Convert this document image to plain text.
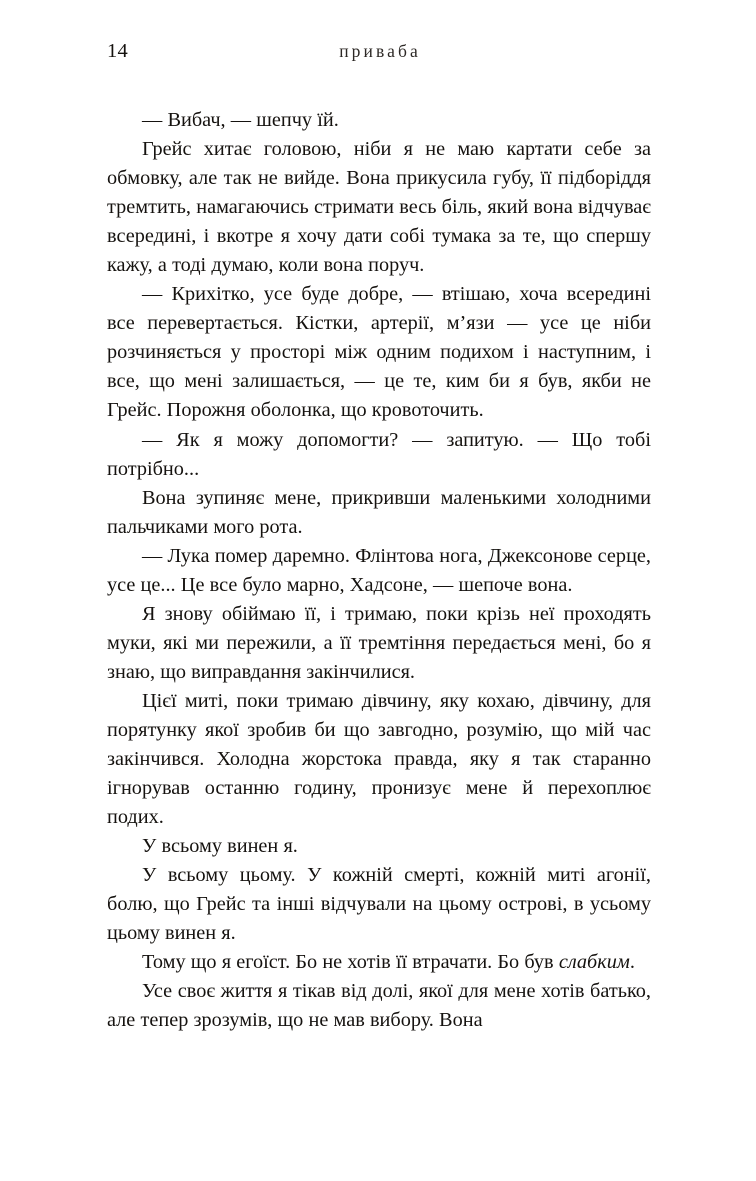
14	приваба

— Вибач, — шепчу їй.

Грейс хитає головою, ніби я не маю картати себе за обмовку, але так не вийде. Вона прикусила губу, її підборіддя тремтить, намагаючись стримати весь біль, який вона відчуває всередині, і вкотре я хочу дати собі тумака за те, що спершу кажу, а тоді думаю, коли вона поруч.

— Крихітко, усе буде добре, — втішаю, хоча всередині все перевертається. Кістки, артерії, м’язи — усе це ніби розчиняється у просторі між одним подихом і наступним, і все, що мені залишається, — це те, ким би я був, якби не Грейс. Порожня оболонка, що кровоточить.

— Як я можу допомогти? — запитую. — Що тобі потрібно...

Вона зупиняє мене, прикривши маленькими холодними пальчиками мого рота.

— Лука помер даремно. Флінтова нога, Джексонове серце, усе це... Це все було марно, Хадсоне, — шепоче вона.

Я знову обіймаю її, і тримаю, поки крізь неї проходять муки, які ми пережили, а її тремтіння передається мені, бо я знаю, що виправдання закінчилися.

Цієї миті, поки тримаю дівчину, яку кохаю, дівчину, для порятунку якої зробив би що завгодно, розумію, що мій час закінчився. Холодна жорстока правда, яку я так старанно ігнорував останню годину, пронизує мене й перехоплює подих.

У всьому винен я.

У всьому цьому. У кожній смерті, кожній миті агонії, болю, що Грейс та інші відчували на цьому острові, в усьому цьому винен я.

Тому що я егоїст. Бо не хотів її втрачати. Бо був слабким.

Усе своє життя я тікав від долі, якої для мене хотів батько, але тепер зрозумів, що не мав вибору. Вона
